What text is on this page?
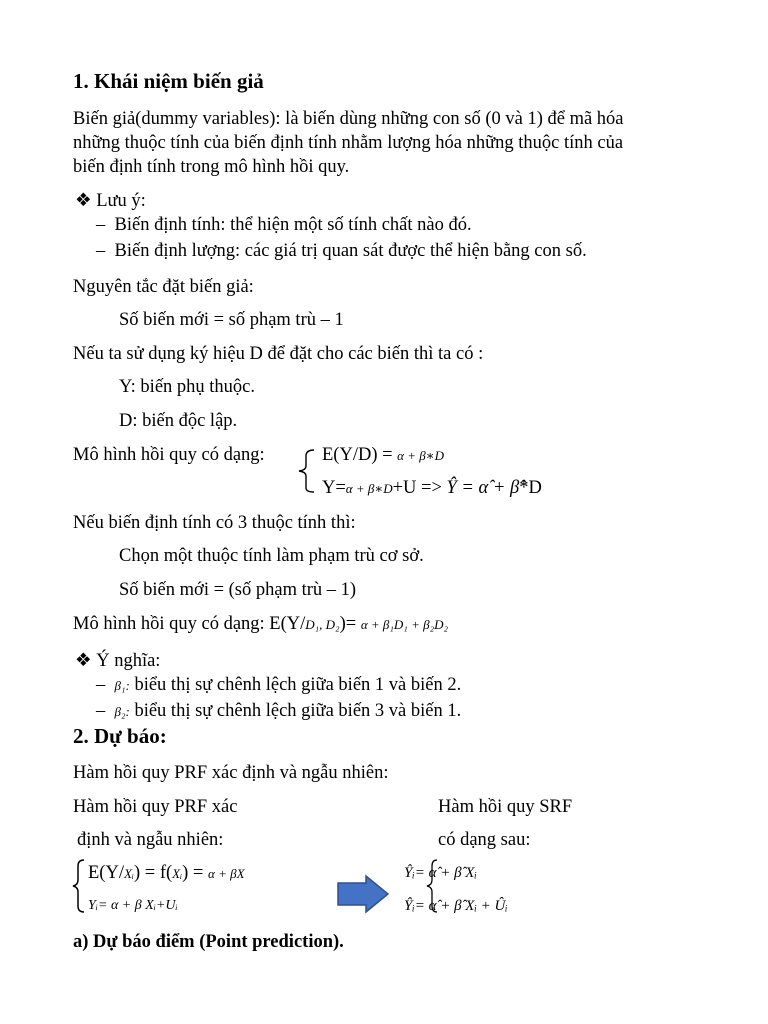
1. Khái niệm biến giả
Biến giả(dummy variables): là biến dùng những con số (0 và 1) để mã hóa
những thuộc tính của biến định tính nhằm lượng hóa những thuộc tính của
biến định tính trong mô hình hồi quy.
❖ Lưu ý:
–  Biến định tính: thể hiện một số tính chất nào đó.
–  Biến định lượng: các giá trị quan sát được thể hiện bằng con số.
Nguyên tắc đặt biến giả:
Số biến mới = số phạm trù – 1
Nếu ta sử dụng ký hiệu D để đặt cho các biến thì ta có :
Y: biến phụ thuộc.
D: biến độc lập.
Mô hình hồi quy có dạng:	E(Y/D) = α + β∗D
Y=α + β∗D+U => Ŷ = α̂ + β̂*D
Nếu biến định tính có 3 thuộc tính thì:
Chọn một thuộc tính làm phạm trù cơ sở.
Số biến mới = (số phạm trù – 1)
Mô hình hồi quy có dạng: E(Y/D₁, D₂)= α + β₁D₁ + β₂D₂
❖ Ý nghĩa:
–  β₁: biểu thị sự chênh lệch giữa biến 1 và biến 2.
–  β₂: biểu thị sự chênh lệch giữa biến 3 và biến 1.
2. Dự báo:
Hàm hồi quy PRF xác định và ngẫu nhiên:
Hàm hồi quy PRF xác
định và ngẫu nhiên:
Hàm hồi quy SRF
có dạng sau:
E(Y/Xᵢ) = f(Xᵢ) = α + βX
Yᵢ= α + β Xᵢ+Uᵢ
Ŷᵢ= α̂ + β̂ Xᵢ
Ŷᵢ= α̂ + β̂ Xᵢ + Ûᵢ
a) Dự báo điểm (Point prediction).
